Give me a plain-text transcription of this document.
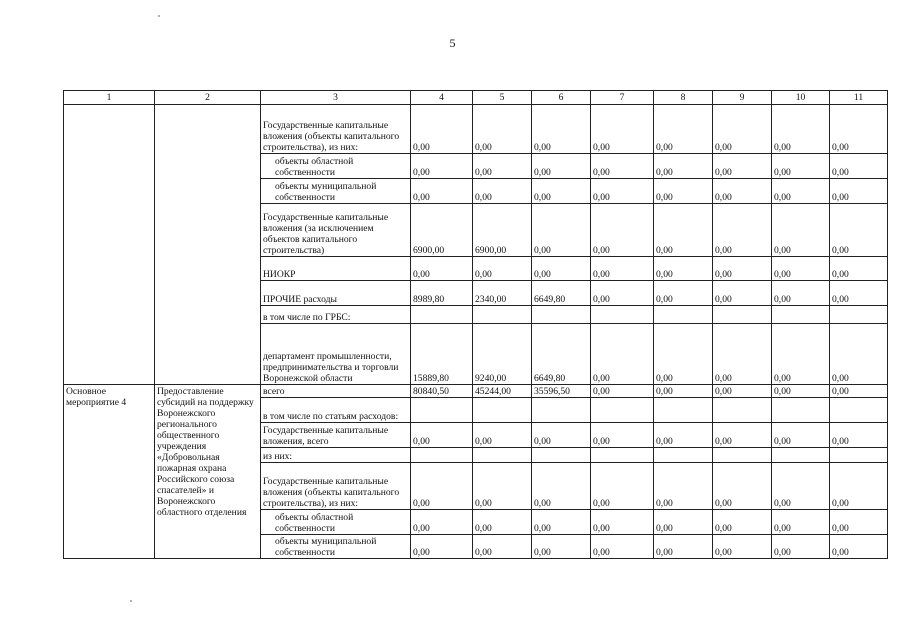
5
1	2	3	4	5	6	7	8	9	10	11
		Государственные капитальные вложения (объекты капитального строительства), из них:	0,00	0,00	0,00	0,00	0,00	0,00	0,00	0,00
		объекты областной собственности	0,00	0,00	0,00	0,00	0,00	0,00	0,00	0,00
		объекты муниципальной собственности	0,00	0,00	0,00	0,00	0,00	0,00	0,00	0,00
		Государственные капитальные вложения (за исключением объектов капитального строительства)	6900,00	6900,00	0,00	0,00	0,00	0,00	0,00	0,00
		НИОКР	0,00	0,00	0,00	0,00	0,00	0,00	0,00	0,00
		ПРОЧИЕ расходы	8989,80	2340,00	6649,80	0,00	0,00	0,00	0,00	0,00
		в том числе по ГРБС:								
		департамент промышленности, предпринимательства и торговли Воронежской области	15889,80	9240,00	6649,80	0,00	0,00	0,00	0,00	0,00
Основное мероприятие 4	Предоставление субсидий на поддержку Воронежского регионального общественного учреждения «Добровольная пожарная охрана Российского союза спасателей» и Воронежского областного отделения	всего	80840,50	45244,00	35596,50	0,00	0,00	0,00	0,00	0,00
		в том числе по статьям расходов:								
		Государственные капитальные вложения, всего	0,00	0,00	0,00	0,00	0,00	0,00	0,00	0,00
		из них:								
		Государственные капитальные вложения (объекты капитального строительства), из них:	0,00	0,00	0,00	0,00	0,00	0,00	0,00	0,00
		объекты областной собственности	0,00	0,00	0,00	0,00	0,00	0,00	0,00	0,00
		объекты муниципальной собственности	0,00	0,00	0,00	0,00	0,00	0,00	0,00	0,00
